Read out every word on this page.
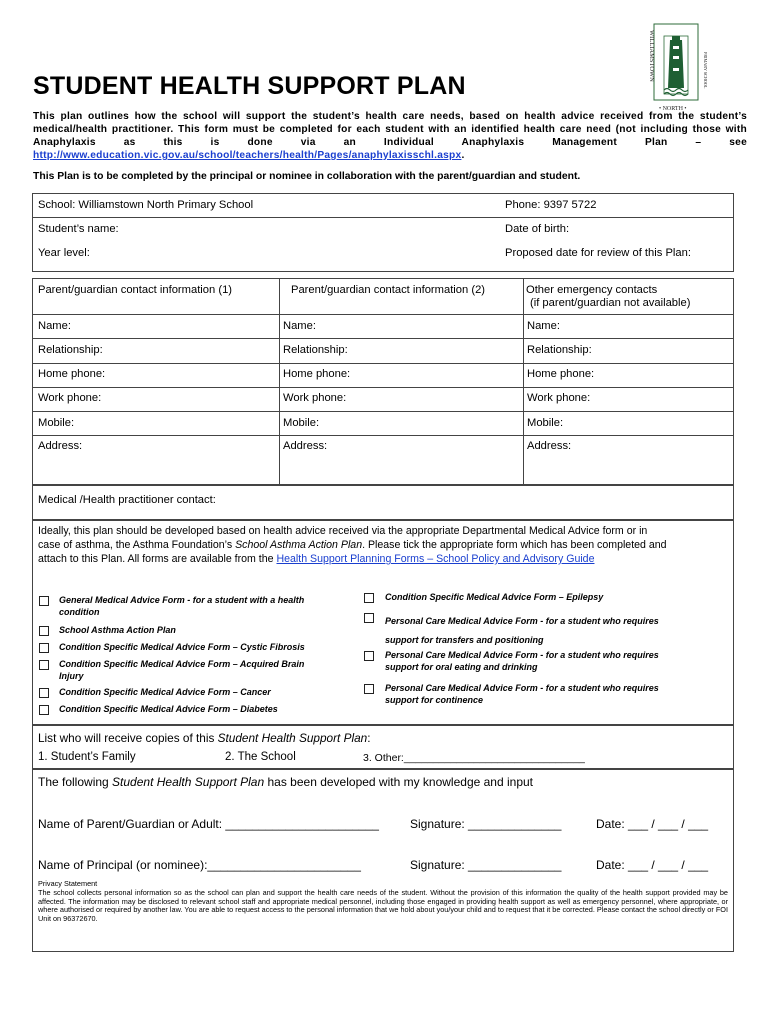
WILLIAMSTOWN	PRIMARY SCHOOL
• NORTH •
STUDENT HEALTH SUPPORT PLAN
This plan outlines how the school will support the student’s health care needs, based on health advice received from the student’s medical/health practitioner. This form must be completed for each student with an identified health care need (not including those with Anaphylaxis as this is done via an Individual Anaphylaxis Management Plan – see http://www.education.vic.gov.au/school/teachers/health/Pages/anaphylaxisschl.aspx.
This Plan is to be completed by the principal or nominee in collaboration with the parent/guardian and student.
School: Williamstown North Primary School	Phone: 9397 5722
Student’s name:	Date of birth:
Year level:	Proposed date for review of this Plan:
Parent/guardian contact information (1)	Parent/guardian contact information (2)	Other emergency contacts
(if parent/guardian not available)
Name:	Name:	Name:
Relationship:	Relationship:	Relationship:
Home phone:	Home phone:	Home phone:
Work phone:	Work phone:	Work phone:
Mobile:	Mobile:	Mobile:
Address:	Address:	Address:
Medical /Health practitioner contact:
Ideally, this plan should be developed based on health advice received via the appropriate Departmental Medical Advice form or in
case of asthma, the Asthma Foundation’s School Asthma Action Plan. Please tick the appropriate form which has been completed and
attach to this Plan. All forms are available from the Health Support Planning Forms – School Policy and Advisory Guide
General Medical Advice Form - for a student with a health
condition
School Asthma Action Plan
Condition Specific Medical Advice Form – Cystic Fibrosis
Condition Specific Medical Advice Form – Acquired Brain
Injury
Condition Specific Medical Advice Form – Cancer
Condition Specific Medical Advice Form – Diabetes
Condition Specific Medical Advice Form – Epilepsy
Personal Care Medical Advice Form - for a student who requires
support for transfers and positioning
Personal Care Medical Advice Form - for a student who requires
support for oral eating and drinking
Personal Care Medical Advice Form - for a student who requires
support for continence
List who will receive copies of this Student Health Support Plan:
1. Student’s Family	2. The School	3. Other:_______________________________
The following Student Health Support Plan has been developed with my knowledge and input
Name of Parent/Guardian or Adult: _______________________	Signature: ______________	Date: ___ / ___ / ___
Name of Principal (or nominee):_______________________	Signature: ______________	Date: ___ / ___ / ___
Privacy Statement
The school collects personal information so as the school can plan and support the health care needs of the student. Without the provision of this information the quality of the health support provided may be affected. The information may be disclosed to relevant school staff and appropriate medical personnel, including those engaged in providing health support as well as emergency personnel, where appropriate, or where authorised or required by another law. You are able to request access to the personal information that we hold about you/your child and to request that it be corrected. Please contact the school directly or FOI Unit on 96372670.
